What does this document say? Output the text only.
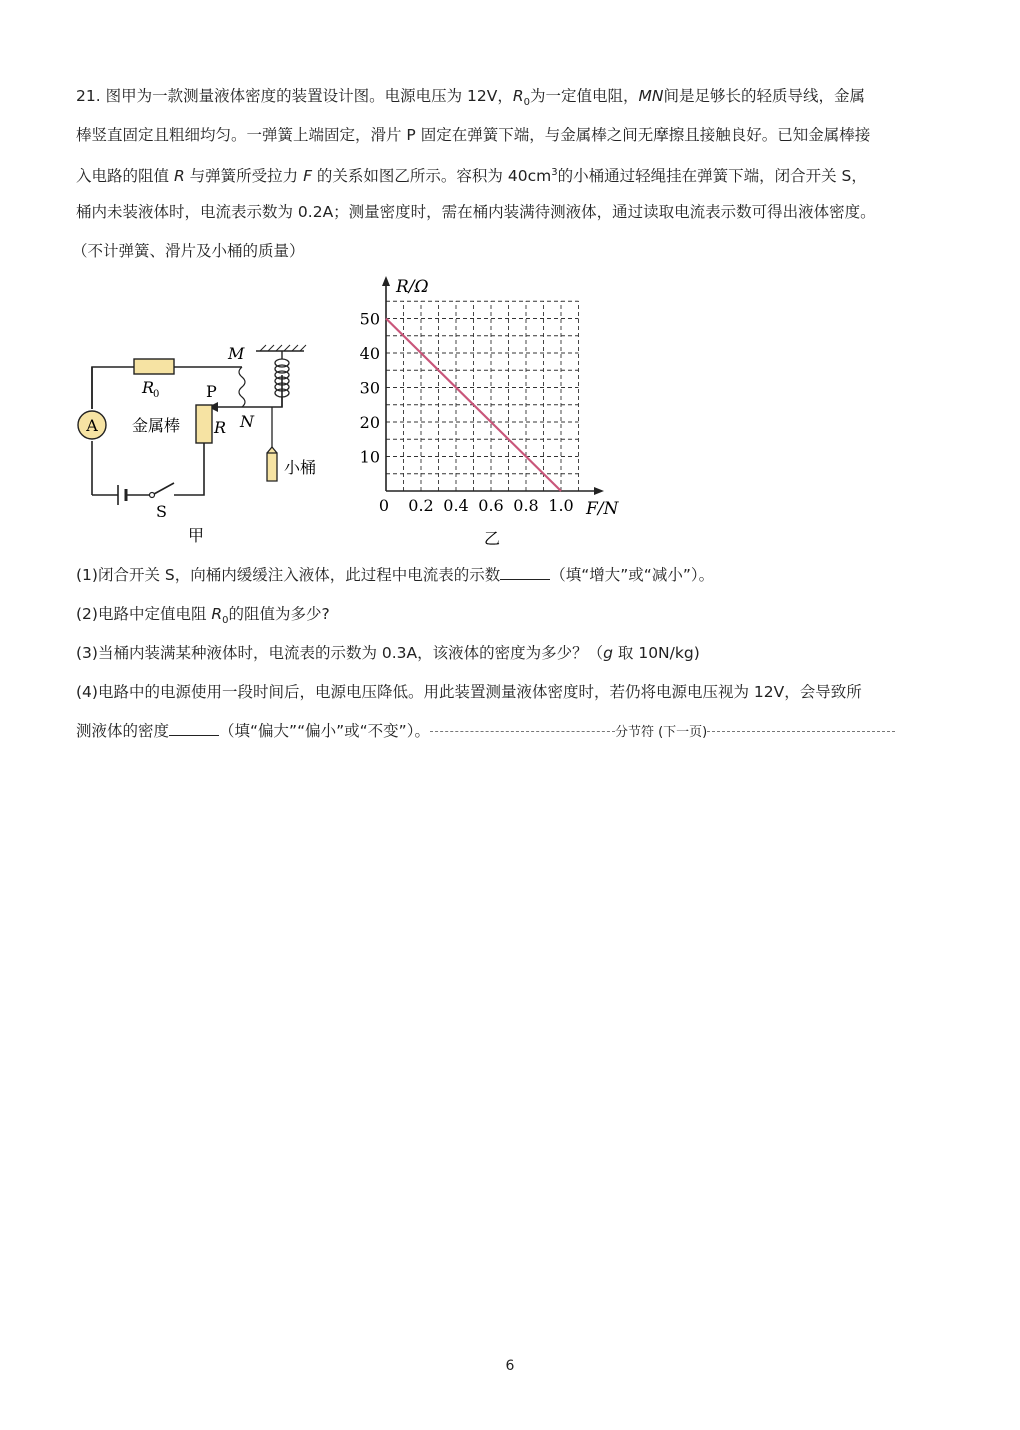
21. 图甲为一款测量液体密度的装置设计图。电源电压为 12V，$R_0$为一定值电阻，MN间是足够长的轻质导线，金属
棒竖直固定且粗细均匀。一弹簧上端固定，滑片 P 固定在弹簧下端，与金属棒之间无摩擦且接触良好。已知金属棒接
入电路的阻值 R 与弹簧所受拉力 F 的关系如图乙所示。容积为 $40cm^3$的小桶通过轻绳挂在弹簧下端，闭合开关 S，
桶内未装液体时，电流表示数为 0.2A；测量密度时，需在桶内装满待测液体，通过读取电流表示数可得出液体密度。
（不计弹簧、滑片及小桶的质量）
A
M
N
P
R
0
R
金属棒
小桶
S
甲
0 0.2 0.4 0.6 0.8 1.0
10
20
30
40
50
R/Ω
F/N
乙
(1)闭合开关 S，向桶内缓缓注入液体，此过程中电流表的示数	（填“增大”或“减小”）。
(2)电路中定值电阻 $R_0$的阻值为多少?
(3)当桶内装满某种液体时，电流表的示数为 0.3A，该液体的密度为多少？（g 取 10N/kg)
(4)电路中的电源使用一段时间后，电源电压降低。用此装置测量液体密度时，若仍将电源电压视为 12V，会导致所
测液体的密度	（填“偏大”“偏小”或“不变”）。	分节符 (下一页)
6
